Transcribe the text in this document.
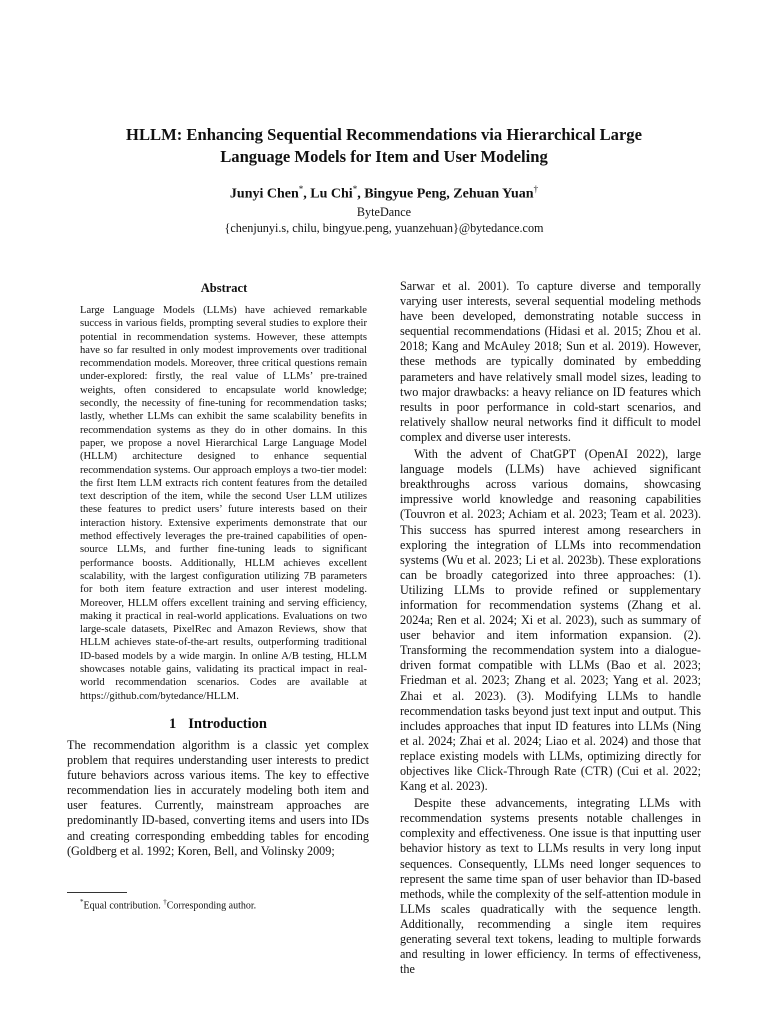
HLLM: Enhancing Sequential Recommendations via Hierarchical Large
Language Models for Item and User Modeling
Junyi Chen*, Lu Chi*, Bingyue Peng, Zehuan Yuan†
ByteDance
{chenjunyi.s, chilu, bingyue.peng, yuanzehuan}@bytedance.com
Abstract

Large Language Models (LLMs) have achieved remarkable success in various fields, prompting several studies to explore their potential in recommendation systems. However, these attempts have so far resulted in only modest improvements over traditional recommendation models. Moreover, three critical questions remain under-explored: firstly, the real value of LLMs’ pre-trained weights, often considered to encapsulate world knowledge; secondly, the necessity of fine-tuning for recommendation tasks; lastly, whether LLMs can exhibit the same scalability benefits in recommendation systems as they do in other domains. In this paper, we propose a novel Hierarchical Large Language Model (HLLM) architecture designed to enhance sequential recommendation systems. Our approach employs a two-tier model: the first Item LLM extracts rich content features from the detailed text description of the item, while the second User LLM utilizes these features to predict users’ future interests based on their interaction history. Extensive experiments demonstrate that our method effectively leverages the pre-trained capabilities of open-source LLMs, and further fine-tuning leads to significant performance boosts. Additionally, HLLM achieves excellent scalability, with the largest configuration utilizing 7B parameters for both item feature extraction and user interest modeling. Moreover, HLLM offers excellent training and serving efficiency, making it practical in real-world applications. Evaluations on two large-scale datasets, PixelRec and Amazon Reviews, show that HLLM achieves state-of-the-art results, outperforming traditional ID-based models by a wide margin. In online A/B testing, HLLM showcases notable gains, validating its practical impact in real-world recommendation scenarios. Codes are available at https://github.com/bytedance/HLLM.

1 Introduction

The recommendation algorithm is a classic yet complex problem that requires understanding user interests to predict future behaviors across various items. The key to effective recommendation lies in accurately modeling both item and user features. Currently, mainstream approaches are predominantly ID-based, converting items and users into IDs and creating corresponding embedding tables for encoding (Goldberg et al. 1992; Koren, Bell, and Volinsky 2009;

*Equal contribution. †Corresponding author.

Sarwar et al. 2001). To capture diverse and temporally varying user interests, several sequential modeling methods have been developed, demonstrating notable success in sequential recommendations (Hidasi et al. 2015; Zhou et al. 2018; Kang and McAuley 2018; Sun et al. 2019). However, these methods are typically dominated by embedding parameters and have relatively small model sizes, leading to two major drawbacks: a heavy reliance on ID features which results in poor performance in cold-start scenarios, and relatively shallow neural networks find it difficult to model complex and diverse user interests.

With the advent of ChatGPT (OpenAI 2022), large language models (LLMs) have achieved significant breakthroughs across various domains, showcasing impressive world knowledge and reasoning capabilities (Touvron et al. 2023; Achiam et al. 2023; Team et al. 2023). This success has spurred interest among researchers in exploring the integration of LLMs into recommendation systems (Wu et al. 2023; Li et al. 2023b). These explorations can be broadly categorized into three approaches: (1). Utilizing LLMs to provide refined or supplementary information for recommendation systems (Zhang et al. 2024a; Ren et al. 2024; Xi et al. 2023), such as summary of user behavior and item information expansion. (2). Transforming the recommendation system into a dialogue-driven format compatible with LLMs (Bao et al. 2023; Friedman et al. 2023; Zhang et al. 2023; Yang et al. 2023; Zhai et al. 2023). (3). Modifying LLMs to handle recommendation tasks beyond just text input and output. This includes approaches that input ID features into LLMs (Ning et al. 2024; Zhai et al. 2024; Liao et al. 2024) and those that replace existing models with LLMs, optimizing directly for objectives like Click-Through Rate (CTR) (Cui et al. 2022; Kang et al. 2023).

Despite these advancements, integrating LLMs with recommendation systems presents notable challenges in complexity and effectiveness. One issue is that inputting user behavior history as text to LLMs results in very long input sequences. Consequently, LLMs need longer sequences to represent the same time span of user behavior than ID-based methods, while the complexity of the self-attention module in LLMs scales quadratically with the sequence length. Additionally, recommending a single item requires generating several text tokens, leading to multiple forwards and resulting in lower efficiency. In terms of effectiveness, the
